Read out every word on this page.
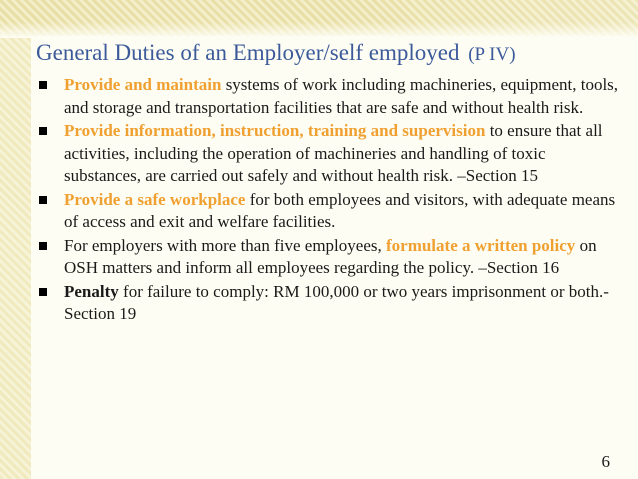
General Duties of an Employer/self employed (P IV)
Provide and maintain systems of work including machineries, equipment, tools, and storage and transportation facilities that are safe and without health risk.
Provide information, instruction, training and supervision to ensure that all activities, including the operation of machineries and handling of toxic substances, are carried out safely and without health risk. –Section 15
Provide a safe workplace for both employees and visitors, with adequate means of access and exit and welfare facilities.
For employers with more than five employees, formulate a written policy on OSH matters and inform all employees regarding the policy. –Section 16
Penalty for failure to comply: RM 100,000 or two years imprisonment or both.-Section 19
6
